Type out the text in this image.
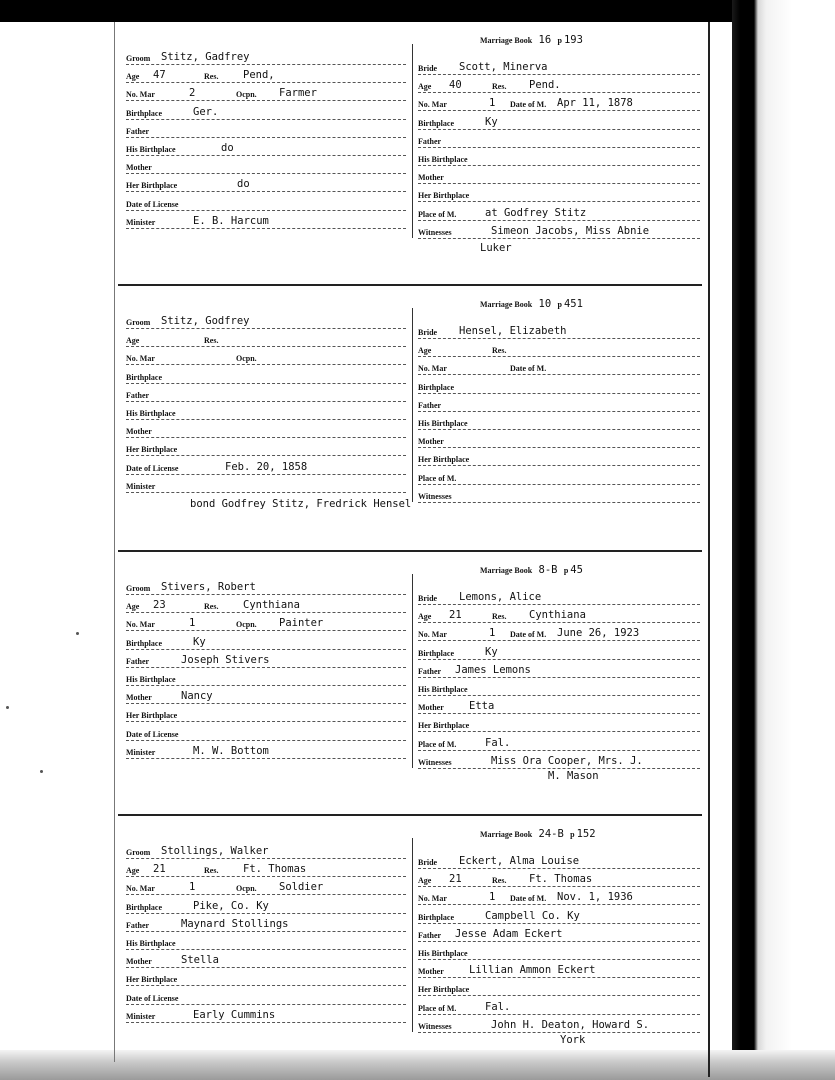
Groom Stitz, Gadfrey
Age 47	Res. Pend,
No. Mar	2	Ocpn. Farmer
Birthplace	Ger.
Father
His Birthplace	do
Mother
Her Birthplace	do
Date of License
Minister	E. B. Harcum
Marriage Book 16 p 193
Bride Scott, Minerva
Age 40	Res. Pend.
No. Mar	1 Date of M. Apr 11, 1878
Birthplace	Ky
Father
His Birthplace
Mother
Her Birthplace
Place of M.	at Godfrey Stitz
Witnesses	Simeon Jacobs, Miss Abnie
Luker
Groom Stitz, Godfrey
Age	Res.
No. Mar	Ocpn.
Birthplace
Father
His Birthplace
Mother
Her Birthplace
Date of License	Feb. 20, 1858
Minister
Marriage Book 10 p 451
Bride Hensel, Elizabeth
Age	Res.
No. Mar	Date of M.
Birthplace
Father
His Birthplace
Mother
Her Birthplace
Place of M.
Witnesses
bond Godfrey Stitz, Fredrick Hensel
Groom Stivers, Robert
Age 23	Res. Cynthiana
No. Mar	1	Ocpn. Painter
Birthplace	Ky
Father	Joseph Stivers
His Birthplace
Mother	Nancy
Her Birthplace
Date of License
Minister	M. W. Bottom
Marriage Book 8-B p 45
Bride Lemons, Alice
Age 21	Res. Cynthiana
No. Mar	1 Date of M. June 26, 1923
Birthplace	Ky
Father James Lemons
His Birthplace
Mother Etta
Her Birthplace
Place of M.	Fal.
Witnesses	Miss Ora Cooper, Mrs. J.
M. Mason
Groom Stollings, Walker
Age 21	Res. Ft. Thomas
No. Mar	1	Ocpn. Soldier
Birthplace	Pike, Co. Ky
Father	Maynard Stollings
His Birthplace
Mother	Stella
Her Birthplace
Date of License
Minister	Early Cummins
Marriage Book 24-B p 152
Bride Eckert, Alma Louise
Age 21	Res. Ft. Thomas
No. Mar	1 Date of M. Nov. 1, 1936
Birthplace	Campbell Co. Ky
Father Jesse Adam Eckert
His Birthplace
Mother Lillian Ammon Eckert
Her Birthplace
Place of M.	Fal.
Witnesses	John H. Deaton, Howard S.
York
